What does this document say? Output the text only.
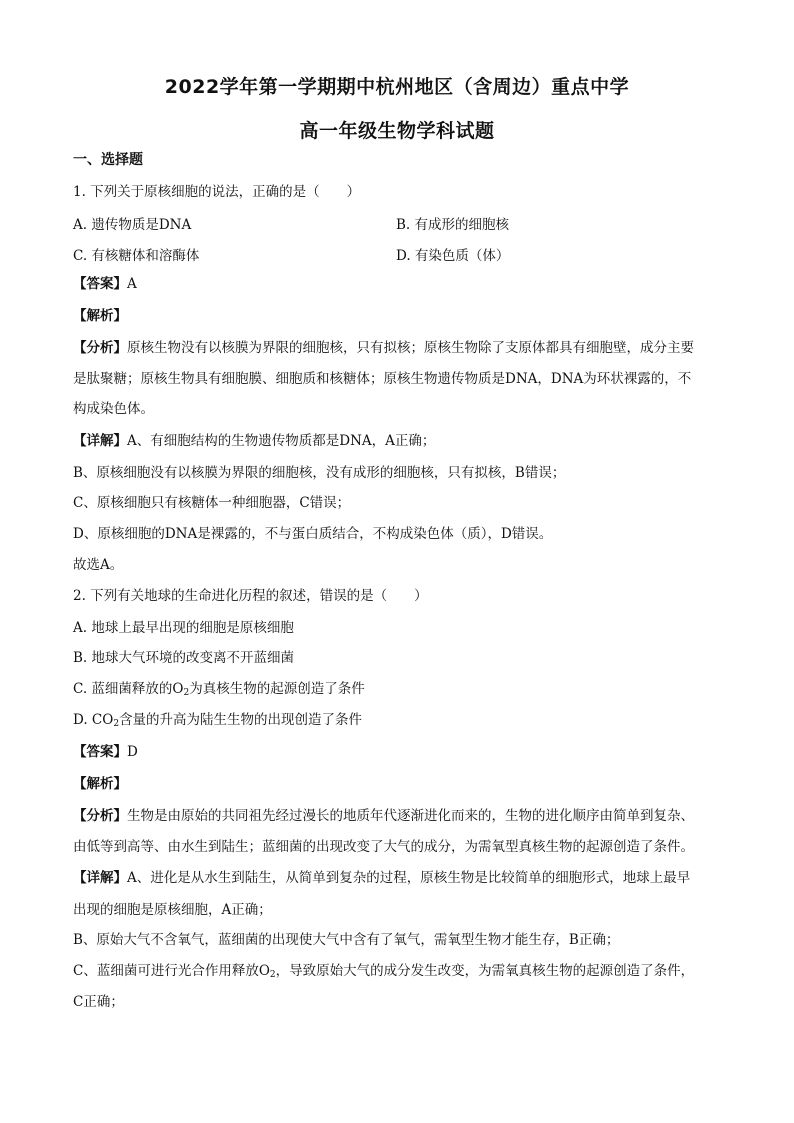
2022学年第一学期期中杭州地区（含周边）重点中学
高一年级生物学科试题
一、选择题
1. 下列关于原核细胞的说法，正确的是（　　）
A. 遗传物质是DNA	B. 有成形的细胞核
C. 有核糖体和溶酶体	D. 有染色质（体）
【答案】A
【解析】
【分析】原核生物没有以核膜为界限的细胞核，只有拟核；原核生物除了支原体都具有细胞壁，成分主要
是肽聚糖；原核生物具有细胞膜、细胞质和核糖体；原核生物遗传物质是DNA，DNA为环状裸露的，不
构成染色体。
【详解】A、有细胞结构的生物遗传物质都是DNA，A正确；
B、原核细胞没有以核膜为界限的细胞核，没有成形的细胞核，只有拟核，B错误；
C、原核细胞只有核糖体一种细胞器，C错误；
D、原核细胞的DNA是裸露的，不与蛋白质结合，不构成染色体（质），D错误。
故选A。
2. 下列有关地球的生命进化历程的叙述，错误的是（　　）
A. 地球上最早出现的细胞是原核细胞
B. 地球大气环境的改变离不开蓝细菌
C. 蓝细菌释放的$O_2$为真核生物的起源创造了条件
D. $CO_2$含量的升高为陆生生物的出现创造了条件
【答案】D
【解析】
【分析】生物是由原始的共同祖先经过漫长的地质年代逐渐进化而来的，生物的进化顺序由简单到复杂、
由低等到高等、由水生到陆生；蓝细菌的出现改变了大气的成分，为需氧型真核生物的起源创造了条件。
【详解】A、进化是从水生到陆生，从简单到复杂的过程，原核生物是比较简单的细胞形式，地球上最早
出现的细胞是原核细胞，A正确；
B、原始大气不含氧气，蓝细菌的出现使大气中含有了氧气，需氧型生物才能生存，B正确；
C、蓝细菌可进行光合作用释放$O_2$，导致原始大气的成分发生改变，为需氧真核生物的起源创造了条件，
C正确；
